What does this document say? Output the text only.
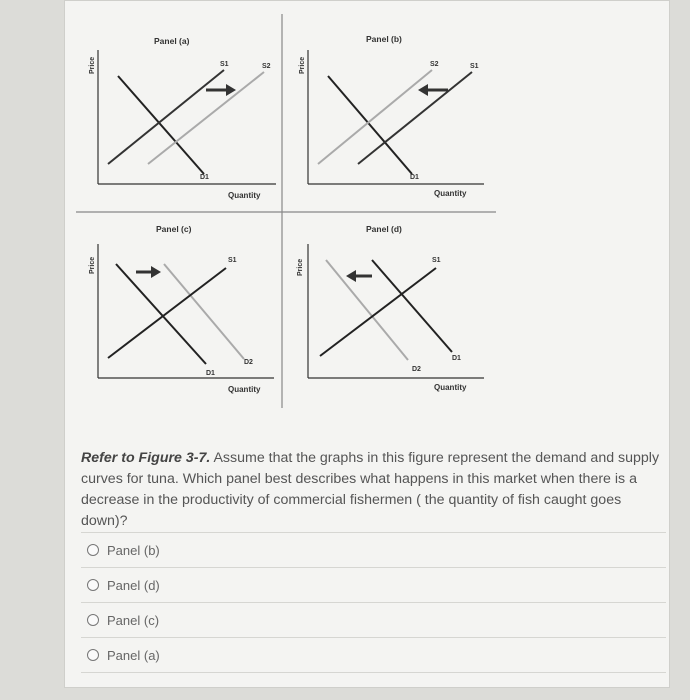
Panel (a)
Price	S1	S2
D1
Quantity
Panel (b)
Price	S2	S1
D1
Quantity
Panel (c)
Price	S1
D1
D2
Quantity
Panel (d)
Price	S1
D1
D2
Quantity
Refer to Figure 3-7. Assume that the graphs in this figure represent the demand and supply curves for tuna. Which panel best describes what happens in this market when there is a decrease in the productivity of commercial fishermen ( the quantity of fish caught goes down)?
Panel (b)
Panel (d)
Panel (c)
Panel (a)
